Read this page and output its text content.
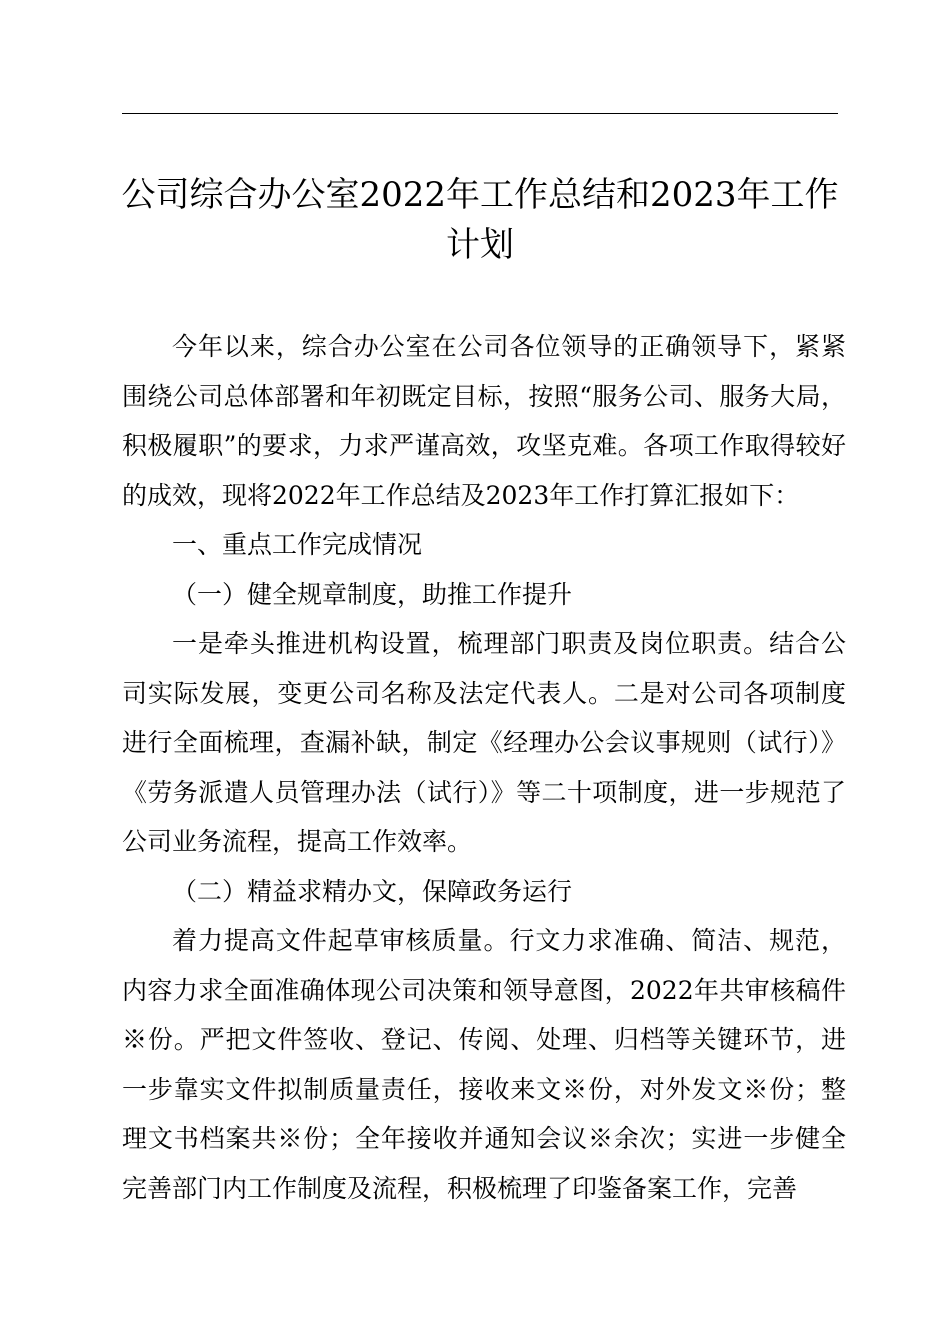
公司综合办公室2022年工作总结和2023年工作计划

今年以来，综合办公室在公司各位领导的正确领导下，紧紧围绕公司总体部署和年初既定目标，按照“服务公司、服务大局，积极履职”的要求，力求严谨高效，攻坚克难。各项工作取得较好的成效，现将2022年工作总结及2023年工作打算汇报如下：

一、重点工作完成情况

（一）健全规章制度，助推工作提升

一是牵头推进机构设置，梳理部门职责及岗位职责。结合公司实际发展，变更公司名称及法定代表人。二是对公司各项制度进行全面梳理，查漏补缺，制定《经理办公会议事规则（试行）》《劳务派遣人员管理办法（试行）》等二十项制度，进一步规范了公司业务流程，提高工作效率。

（二）精益求精办文，保障政务运行

着力提高文件起草审核质量。行文力求准确、简洁、规范，内容力求全面准确体现公司决策和领导意图，2022年共审核稿件※份。严把文件签收、登记、传阅、处理、归档等关键环节，进一步靠实文件拟制质量责任，接收来文※份，对外发文※份；整理文书档案共※份；全年接收并通知会议※余次；实进一步健全完善部门内工作制度及流程，积极梳理了印鉴备案工作，完善
